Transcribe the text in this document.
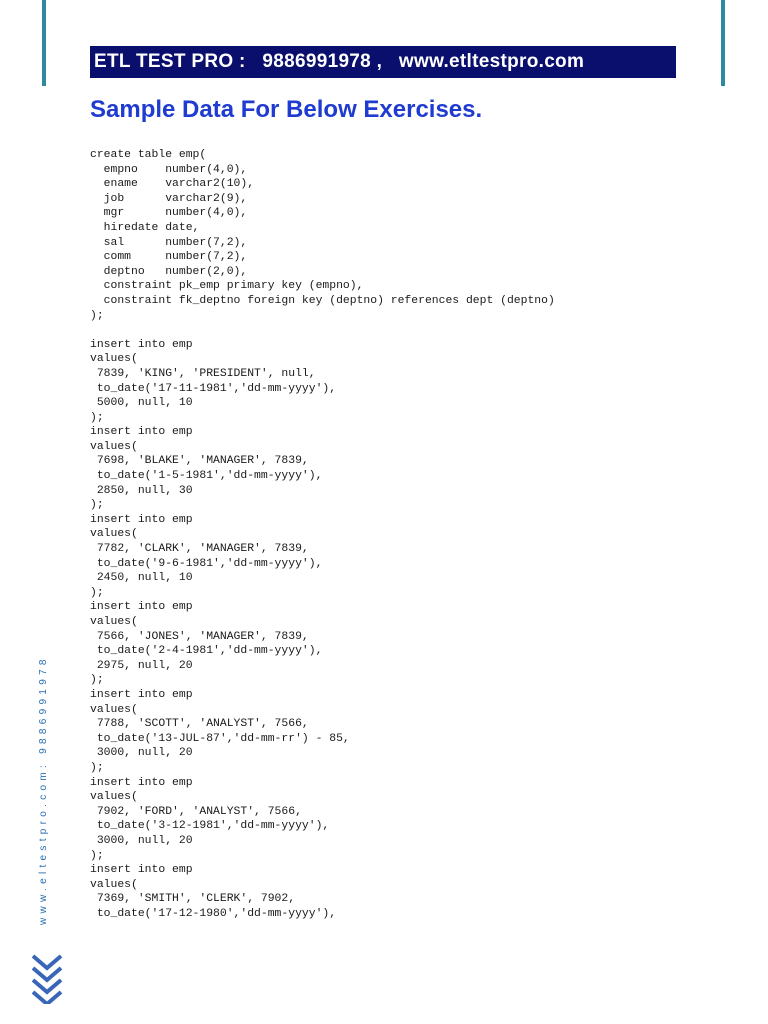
ETL TEST PRO :   9886991978 ,   www.etltestpro.com
Sample Data For Below Exercises.
create table emp(
empno    number(4,0),
ename    varchar2(10),
job      varchar2(9),
mgr      number(4,0),
hiredate date,
sal      number(7,2),
comm     number(7,2),
deptno   number(2,0),
constraint pk_emp primary key (empno),
constraint fk_deptno foreign key (deptno) references dept (deptno)
);

insert into emp
values(
7839, 'KING', 'PRESIDENT', null,
to_date('17-11-1981','dd-mm-yyyy'),
5000, null, 10
);
insert into emp
values(
7698, 'BLAKE', 'MANAGER', 7839,
to_date('1-5-1981','dd-mm-yyyy'),
2850, null, 30
);
insert into emp
values(
7782, 'CLARK', 'MANAGER', 7839,
to_date('9-6-1981','dd-mm-yyyy'),
2450, null, 10
);
insert into emp
values(
7566, 'JONES', 'MANAGER', 7839,
to_date('2-4-1981','dd-mm-yyyy'),
2975, null, 20
);
insert into emp
values(
7788, 'SCOTT', 'ANALYST', 7566,
to_date('13-JUL-87','dd-mm-rr') - 85,
3000, null, 20
);
insert into emp
values(
7902, 'FORD', 'ANALYST', 7566,
to_date('3-12-1981','dd-mm-yyyy'),
3000, null, 20
);
insert into emp
values(
7369, 'SMITH', 'CLERK', 7902,
to_date('17-12-1980','dd-mm-yyyy'),
www.eltestpro.com: 9886991978
